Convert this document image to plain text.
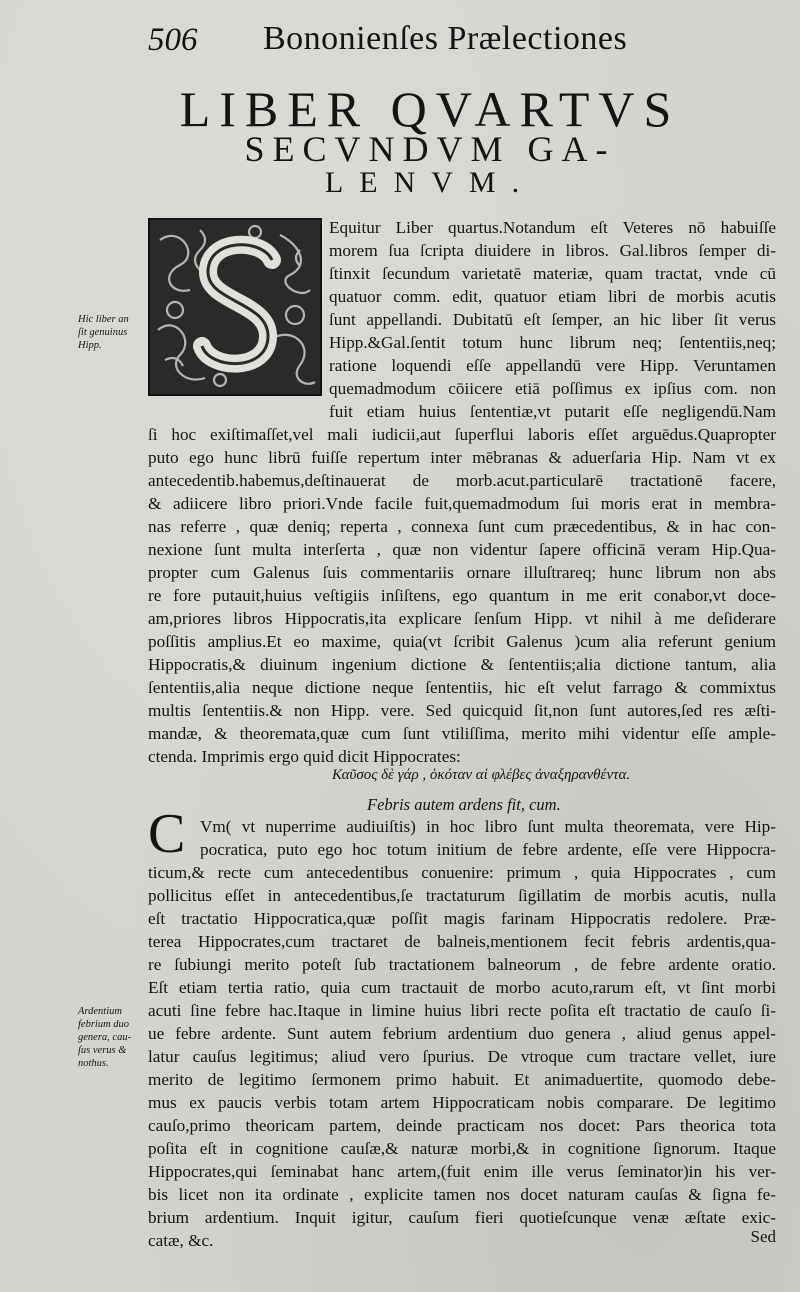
506 Bononienſes Prælectiones
LIBER QVARTVS
SECVNDVM GA-
LENVM.
Hic liber an
ſit genuinus
Hipp.
Equitur Liber quartus.Notandum eſt Veteres nō habuiſſe
morem ſua ſcripta diuidere in libros. Gal.libros ſemper di-
ſtinxit ſecundum varietatē materiæ, quam tractat, vnde cū
quatuor comm. edit, quatuor etiam libri de morbis acutis
ſunt appellandi. Dubitatū eſt ſemper, an hic liber ſit verus
Hipp.&Gal.ſentit totum hunc librum neq; ſententiis,neq;
ratione loquendi eſſe appellandū vere Hipp. Veruntamen
quemadmodum cōiicere etiā poſſimus ex ipſius com. non
fuit etiam huius ſententiæ,vt putarit eſſe negligendū.Nam
ſi hoc exiſtimaſſet,vel mali iudicii,aut ſuperflui laboris eſſet arguēdus.Quapropter
puto ego hunc librū fuiſſe repertum inter mēbranas & aduerſaria Hip. Nam vt ex
antecedentib.habemus,deſtinauerat de morb.acut.particularē tractationē facere,
& adiicere libro priori.Vnde facile fuit,quemadmodum ſui moris erat in membra-
nas referre , quæ deniq; reperta , connexa ſunt cum præcedentibus, & in hac con-
nexione ſunt multa interſerta , quæ non videntur ſapere officinā veram Hip.Qua-
propter cum Galenus ſuis commentariis ornare illuſtrareq; hunc librum non abs
re fore putauit,huius veſtigiis inſiſtens, ego quantum in me erit conabor,vt doce-
am,priores libros Hippocratis,ita explicare ſenſum Hipp. vt nihil à me deſiderare
poſſitis amplius.Et eo maxime, quia(vt ſcribit Galenus )cum alia referunt genium
Hippocratis,& diuinum ingenium dictione & ſententiis;alia dictione tantum, alia
ſententiis,alia neque dictione neque ſententiis, hic eſt velut farrago & commixtus
multis ſententiis.& non Hipp. vere. Sed quicquid ſit,non ſunt autores,ſed res æſti-
mandæ, & theoremata,quæ cum ſunt vtiliſſima, merito mihi videntur eſſe ample-
ctenda. Imprimis ergo quid dicit Hippocrates:
Καῦσος δὲ γάρ , ὁκόταν αἱ φλέβες ἀναξηρανθέντα.
Febris autem ardens fit, cum.
C
Ardentium
febrium duo
genera, cau-
ſus verus &
nothus.
Vm( vt nuperrime audiuiſtis) in hoc libro ſunt multa theoremata, vere Hip-
pocratica, puto ego hoc totum initium de febre ardente, eſſe vere Hippocra-
ticum,& recte cum antecedentibus conuenire: primum , quia Hippocrates , cum
pollicitus eſſet in antecedentibus,ſe tractaturum ſigillatim de morbis acutis, nulla
eſt tractatio Hippocratica,quæ poſſit magis farinam Hippocratis redolere. Præ-
terea Hippocrates,cum tractaret de balneis,mentionem fecit febris ardentis,qua-
re ſubiungi merito poteſt ſub tractationem balneorum , de febre ardente oratio.
Eſt etiam tertia ratio, quia cum tractauit de morbo acuto,rarum eſt, vt ſint morbi
acuti ſine febre hac.Itaque in limine huius libri recte poſita eſt tractatio de cauſo ſi-
ue febre ardente. Sunt autem febrium ardentium duo genera , aliud genus appel-
latur cauſus legitimus; aliud vero ſpurius. De vtroque cum tractare vellet, iure
merito de legitimo ſermonem primo habuit. Et animaduertite, quomodo debe-
mus ex paucis verbis totam artem Hippocraticam nobis comparare. De legitimo
cauſo,primo theoricam partem, deinde practicam nos docet: Pars theorica tota
poſita eſt in cognitione cauſæ,& naturæ morbi,& in cognitione ſignorum. Itaque
Hippocrates,qui ſeminabat hanc artem,(fuit enim ille verus ſeminator)in his ver-
bis licet non ita ordinate , explicite tamen nos docet naturam cauſas & ſigna fe-
brium ardentium. Inquit igitur, cauſum fieri quotieſcunque venæ æſtate exic-
catæ, &c.	Sed
